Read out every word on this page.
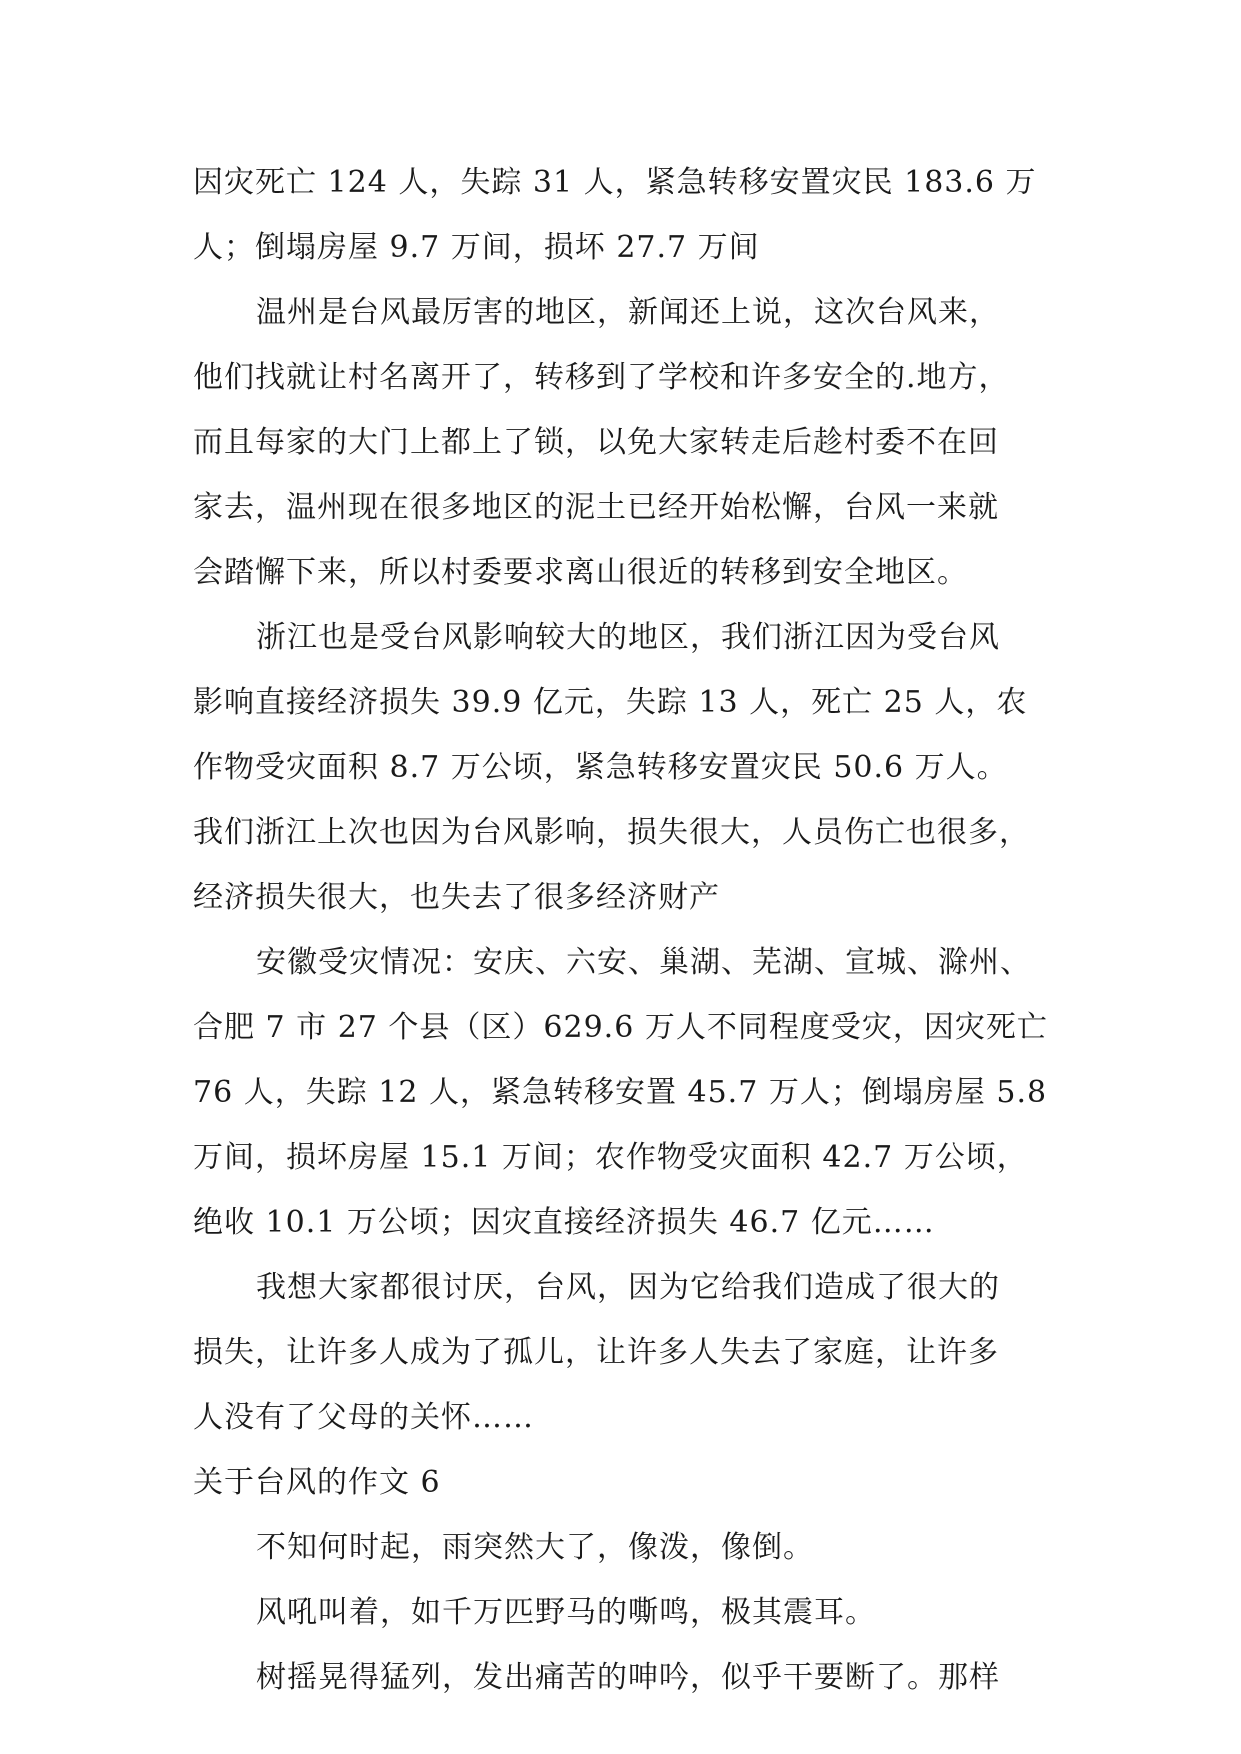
因灾死亡 124 人，失踪 31 人，紧急转移安置灾民 183.6 万
人；倒塌房屋 9.7 万间，损坏 27.7 万间
温州是台风最厉害的地区，新闻还上说，这次台风来，
他们找就让村名离开了，转移到了学校和许多安全的.地方，
而且每家的大门上都上了锁，以免大家转走后趁村委不在回
家去，温州现在很多地区的泥土已经开始松懈，台风一来就
会踏懈下来，所以村委要求离山很近的转移到安全地区。
浙江也是受台风影响较大的地区，我们浙江因为受台风
影响直接经济损失 39.9 亿元，失踪 13 人，死亡 25 人，农
作物受灾面积 8.7 万公顷，紧急转移安置灾民 50.6 万人。
我们浙江上次也因为台风影响，损失很大，人员伤亡也很多，
经济损失很大，也失去了很多经济财产
安徽受灾情况：安庆、六安、巢湖、芜湖、宣城、滁州、
合肥 7 市 27 个县（区）629.6 万人不同程度受灾，因灾死亡
76 人，失踪 12 人，紧急转移安置 45.7 万人；倒塌房屋 5.8
万间，损坏房屋 15.1 万间；农作物受灾面积 42.7 万公顷，
绝收 10.1 万公顷；因灾直接经济损失 46.7 亿元……
我想大家都很讨厌，台风，因为它给我们造成了很大的
损失，让许多人成为了孤儿，让许多人失去了家庭，让许多
人没有了父母的关怀……
关于台风的作文 6
不知何时起，雨突然大了，像泼，像倒。
风吼叫着，如千万匹野马的嘶鸣，极其震耳。
树摇晃得猛列，发出痛苦的呻吟，似乎干要断了。那样
